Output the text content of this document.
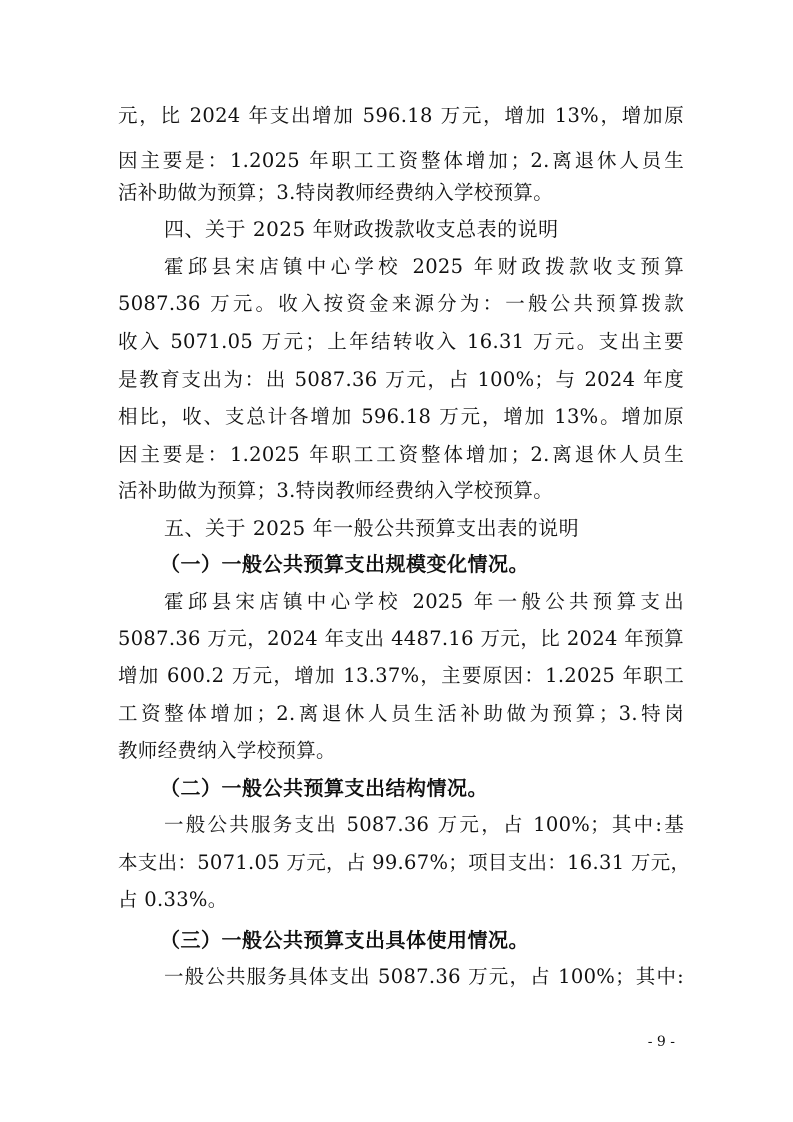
元，比 2024 年支出增加 596.18 万元，增加 13%，增加原
因主要是：1.2025 年职工工资整体增加；2.离退休人员生
活补助做为预算；3.特岗教师经费纳入学校预算。
四、关于 2025 年财政拨款收支总表的说明
霍邱县宋店镇中心学校 2025 年财政拨款收支预算
5087.36 万元。收入按资金来源分为：一般公共预算拨款
收入 5071.05 万元；上年结转收入 16.31 万元。支出主要
是教育支出为：出 5087.36 万元，占 100%；与 2024 年度
相比，收、支总计各增加 596.18 万元，增加 13%。增加原
因主要是：1.2025 年职工工资整体增加；2.离退休人员生
活补助做为预算；3.特岗教师经费纳入学校预算。
五、关于 2025 年一般公共预算支出表的说明
（一）一般公共预算支出规模变化情况。
霍邱县宋店镇中心学校 2025 年一般公共预算支出
5087.36 万元，2024 年支出 4487.16 万元，比 2024 年预算
增加 600.2 万元，增加 13.37%，主要原因：1.2025 年职工
工资整体增加；2.离退休人员生活补助做为预算；3.特岗
教师经费纳入学校预算。
（二）一般公共预算支出结构情况。
一般公共服务支出 5087.36 万元，占 100%；其中:基
本支出：5071.05 万元，占 99.67%；项目支出：16.31 万元，
占 0.33%。
（三）一般公共预算支出具体使用情况。
一般公共服务具体支出 5087.36 万元，占 100%；其中:
- 9 -
